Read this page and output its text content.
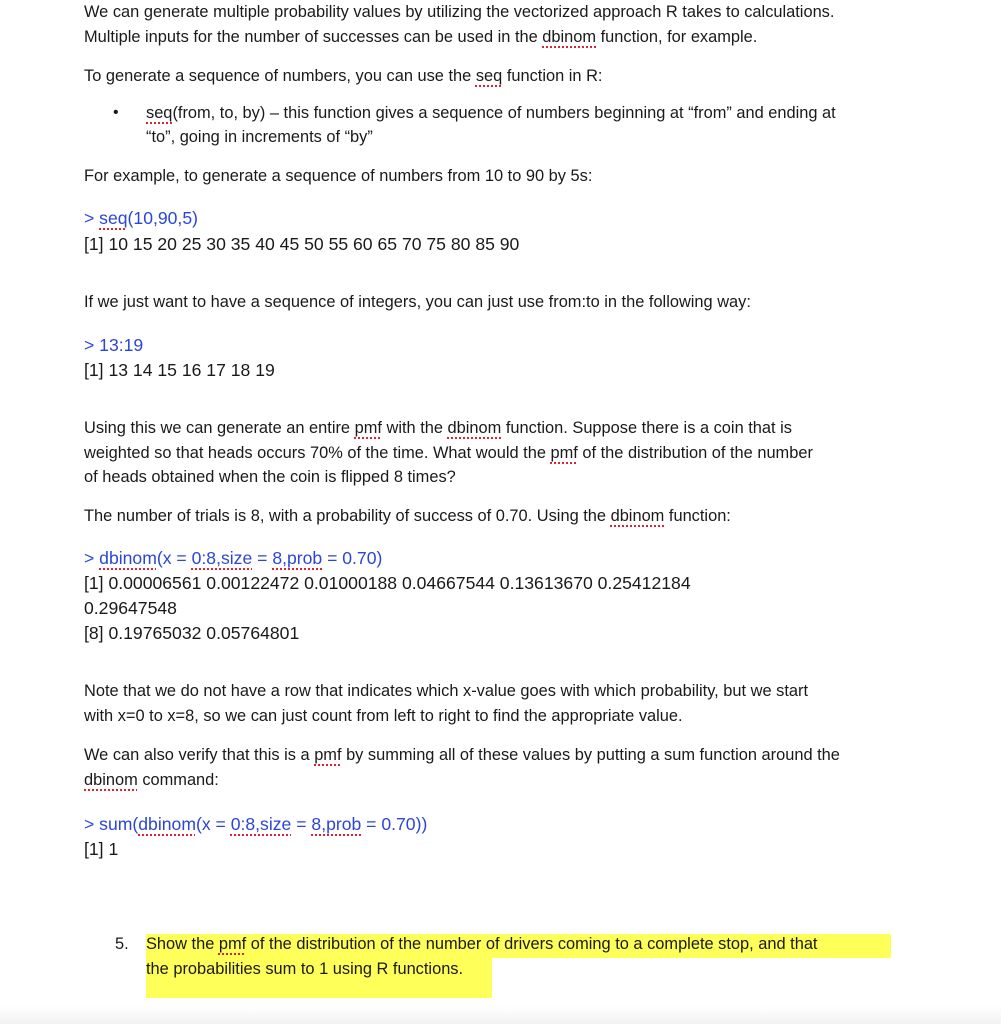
We can generate multiple probability values by utilizing the vectorized approach R takes to calculations.
Multiple inputs for the number of successes can be used in the dbinom function, for example.
To generate a sequence of numbers, you can use the seq function in R:
• seq(from, to, by) – this function gives a sequence of numbers beginning at “from” and ending at
“to”, going in increments of “by”
For example, to generate a sequence of numbers from 10 to 90 by 5s:
> seq(10,90,5)
[1] 10 15 20 25 30 35 40 45 50 55 60 65 70 75 80 85 90
If we just want to have a sequence of integers, you can just use from:to in the following way:
> 13:19
[1] 13 14 15 16 17 18 19
Using this we can generate an entire pmf with the dbinom function. Suppose there is a coin that is
weighted so that heads occurs 70% of the time. What would the pmf of the distribution of the number
of heads obtained when the coin is flipped 8 times?
The number of trials is 8, with a probability of success of 0.70. Using the dbinom function:
> dbinom(x = 0:8,size = 8,prob = 0.70)
[1] 0.00006561 0.00122472 0.01000188 0.04667544 0.13613670 0.25412184
0.29647548
[8] 0.19765032 0.05764801
Note that we do not have a row that indicates which x-value goes with which probability, but we start
with x=0 to x=8, so we can just count from left to right to find the appropriate value.
We can also verify that this is a pmf by summing all of these values by putting a sum function around the
dbinom command:
> sum(dbinom(x = 0:8,size = 8,prob = 0.70))
[1] 1
5. Show the pmf of the distribution of the number of drivers coming to a complete stop, and that
the probabilities sum to 1 using R functions.
